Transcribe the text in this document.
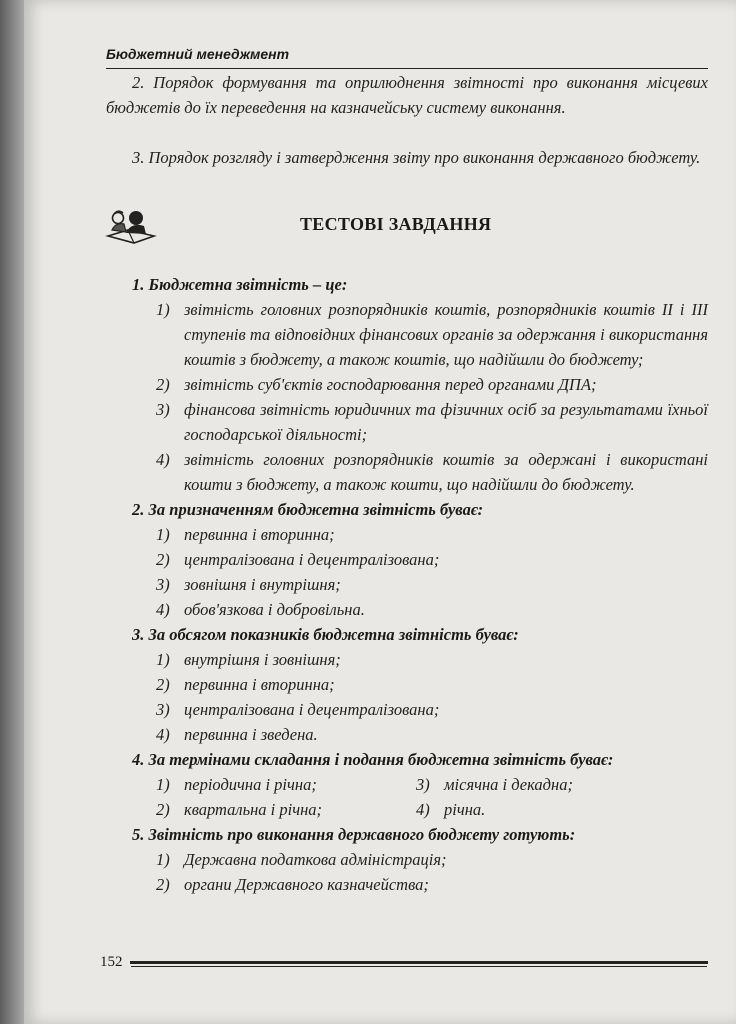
Бюджетний менеджмент

2. Порядок формування та оприлюднення звітності про виконання місцевих бюджетів до їх переведення на казначейську систему виконання.

3. Порядок розгляду і затвердження звіту про виконання державного бюджету.

ТЕСТОВІ ЗАВДАННЯ

1. Бюджетна звітність – це:

1) звітність головних розпорядників коштів, розпорядників коштів ІІ і ІІІ ступенів та відповідних фінансових органів за одержання і використання коштів з бюджету, а також коштів, що надійшли до бюджету;
2) звітність суб'єктів господарювання перед органами ДПА;
3) фінансова звітність юридичних та фізичних осіб за результатами їхньої господарської діяльності;
4) звітність головних розпорядників коштів за одержані і використані кошти з бюджету, а також кошти, що надійшли до бюджету.

2. За призначенням бюджетна звітність буває:

1) первинна і вторинна;
2) централізована і децентралізована;
3) зовнішня і внутрішня;
4) обов'язкова і добровільна.

3. За обсягом показників бюджетна звітність буває:

1) внутрішня і зовнішня;
2) первинна і вторинна;
3) централізована і децентралізована;
4) первинна і зведена.

4. За термінами складання і подання бюджетна звітність буває:

1) періодична і річна;	3) місячна і декадна;
2) квартальна і річна;	4) річна.

5. Звітність про виконання державного бюджету готують:

1) Державна податкова адміністрація;
2) органи Державного казначейства;
152
